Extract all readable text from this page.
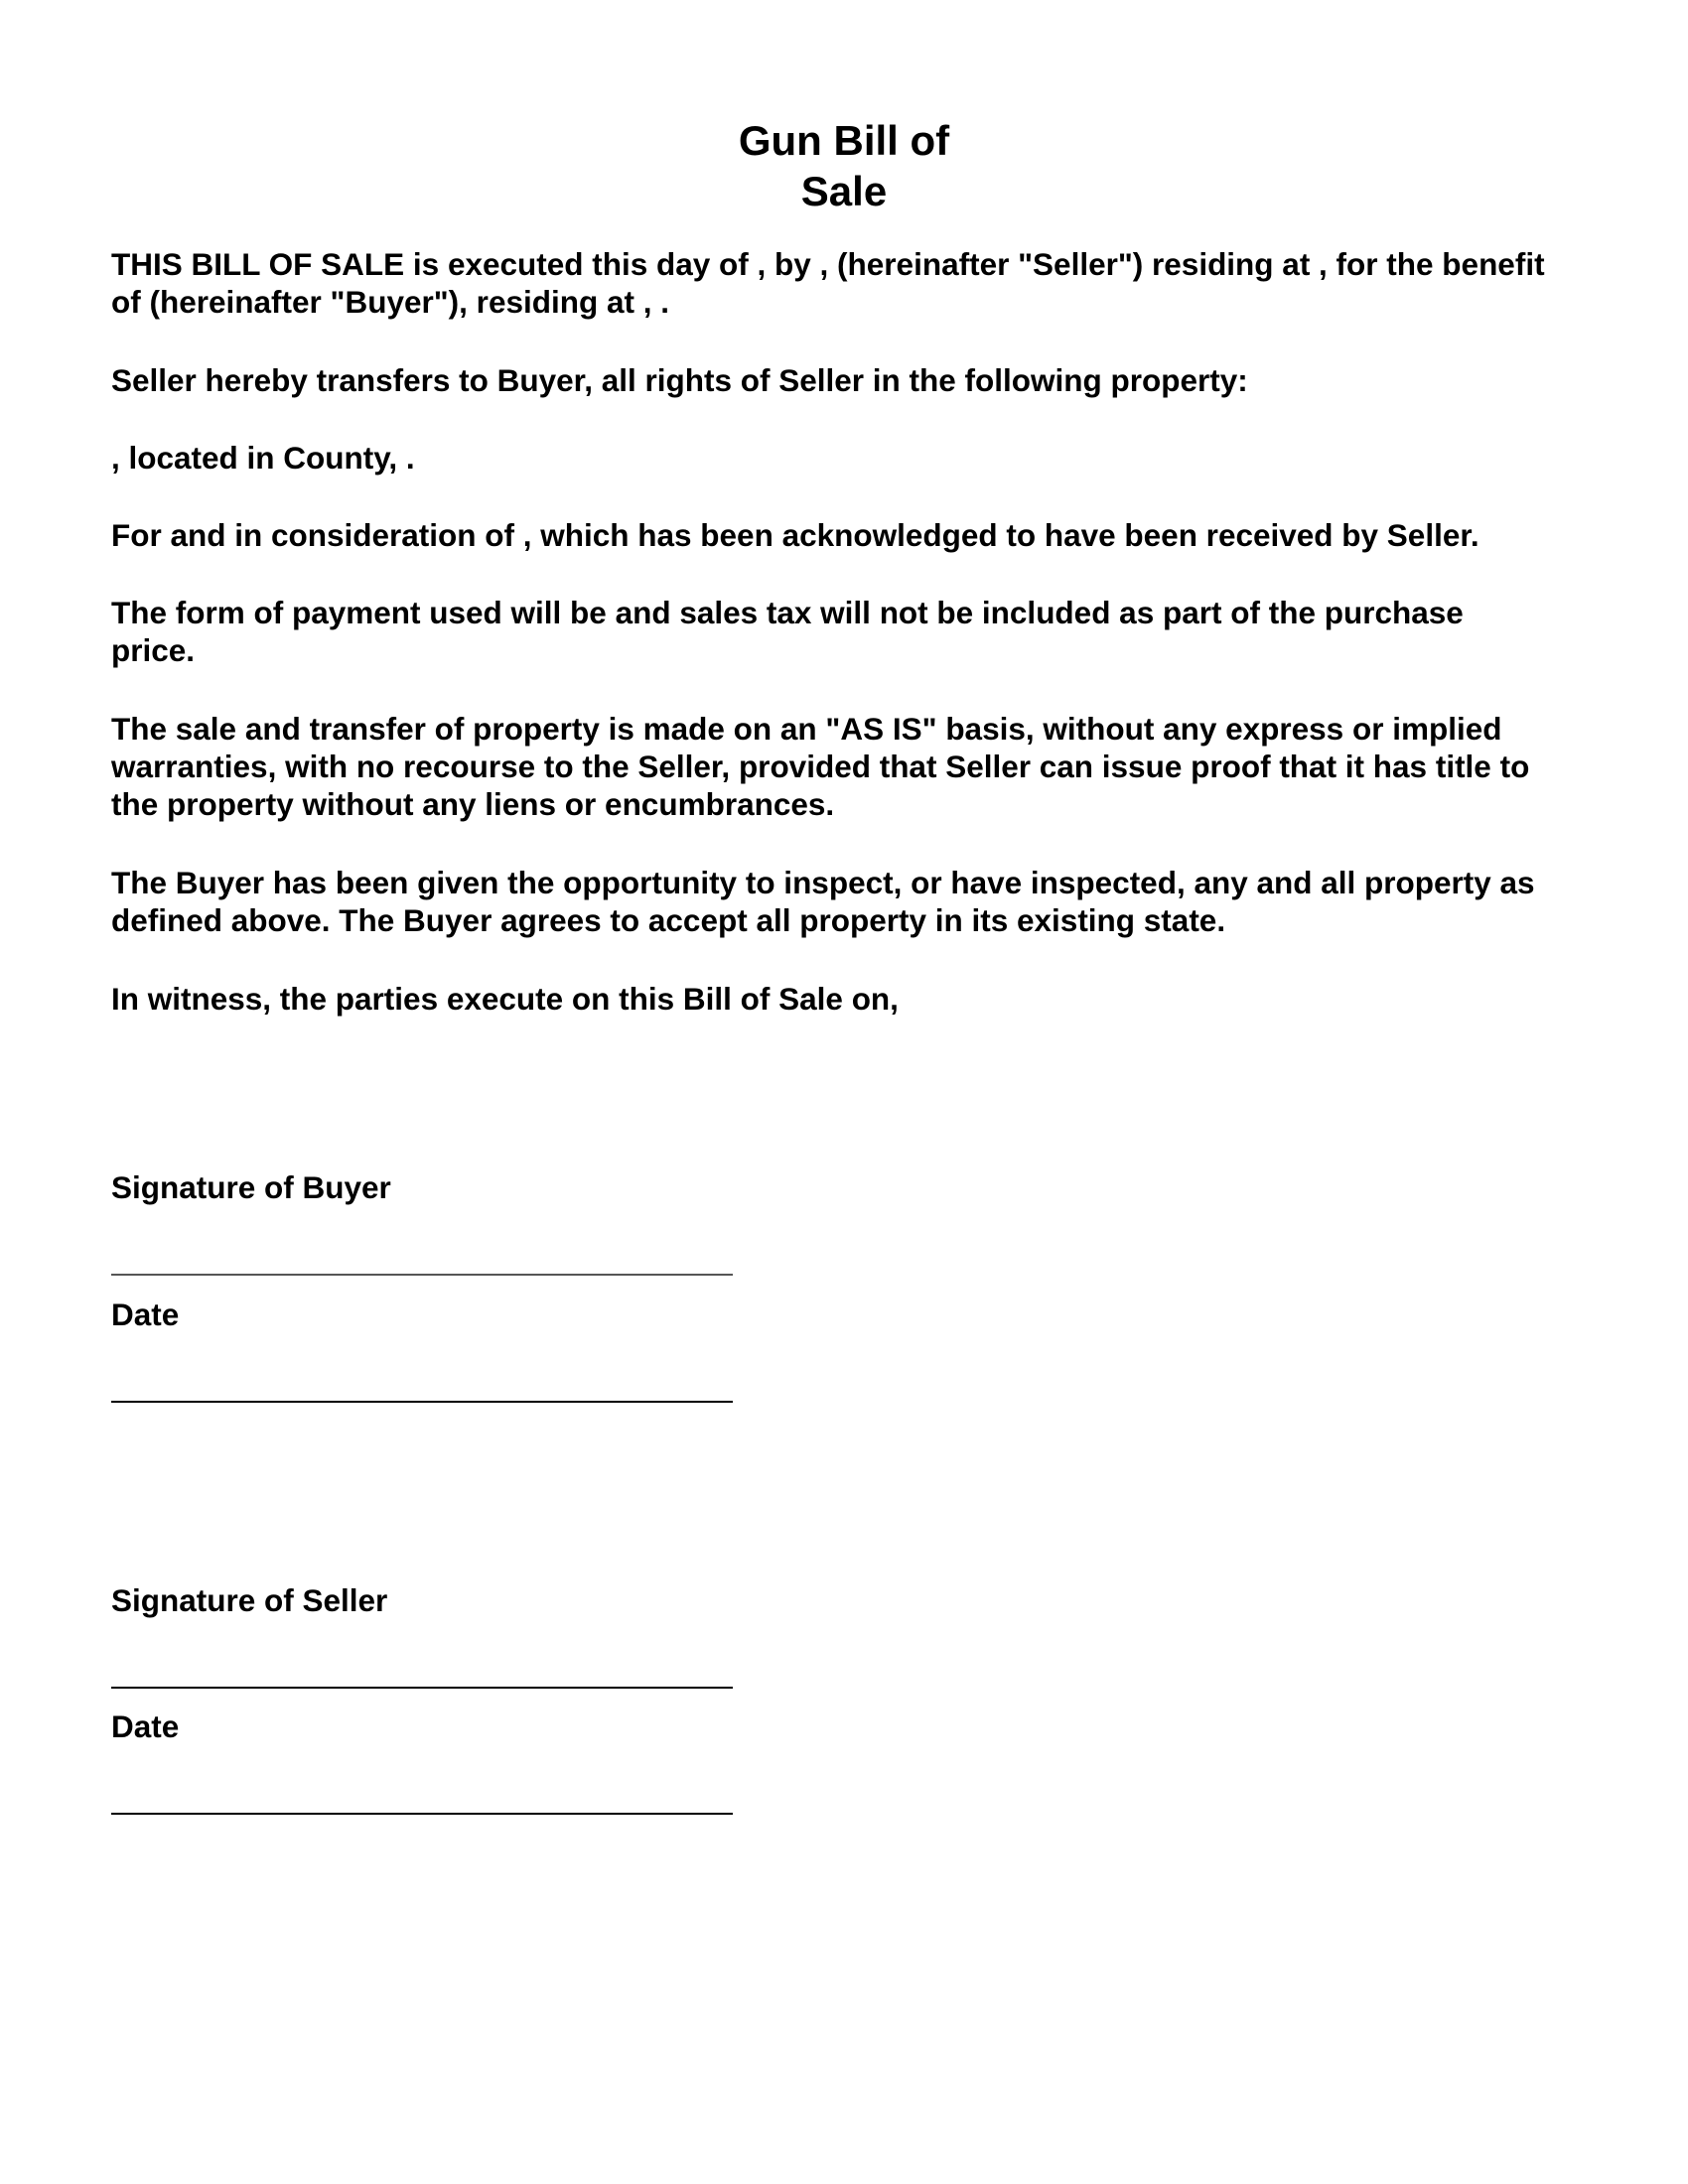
Gun Bill of
Sale

THIS BILL OF SALE is executed this day of , by , (hereinafter "Seller") residing at , for the benefit of (hereinafter "Buyer"), residing at , .

Seller hereby transfers to Buyer, all rights of Seller in the following property:

, located in County, .

For and in consideration of , which has been acknowledged to have been received by Seller.

The form of payment used will be and sales tax will not be included as part of the purchase price.

The sale and transfer of property is made on an "AS IS" basis, without any express or implied warranties, with no recourse to the Seller, provided that Seller can issue proof that it has title to the property without any liens or encumbrances.

The Buyer has been given the opportunity to inspect, or have inspected, any and all property as defined above. The Buyer agrees to accept all property in its existing state.

In witness, the parties execute on this Bill of Sale on,

Signature of Buyer

Date

Signature of Seller

Date
